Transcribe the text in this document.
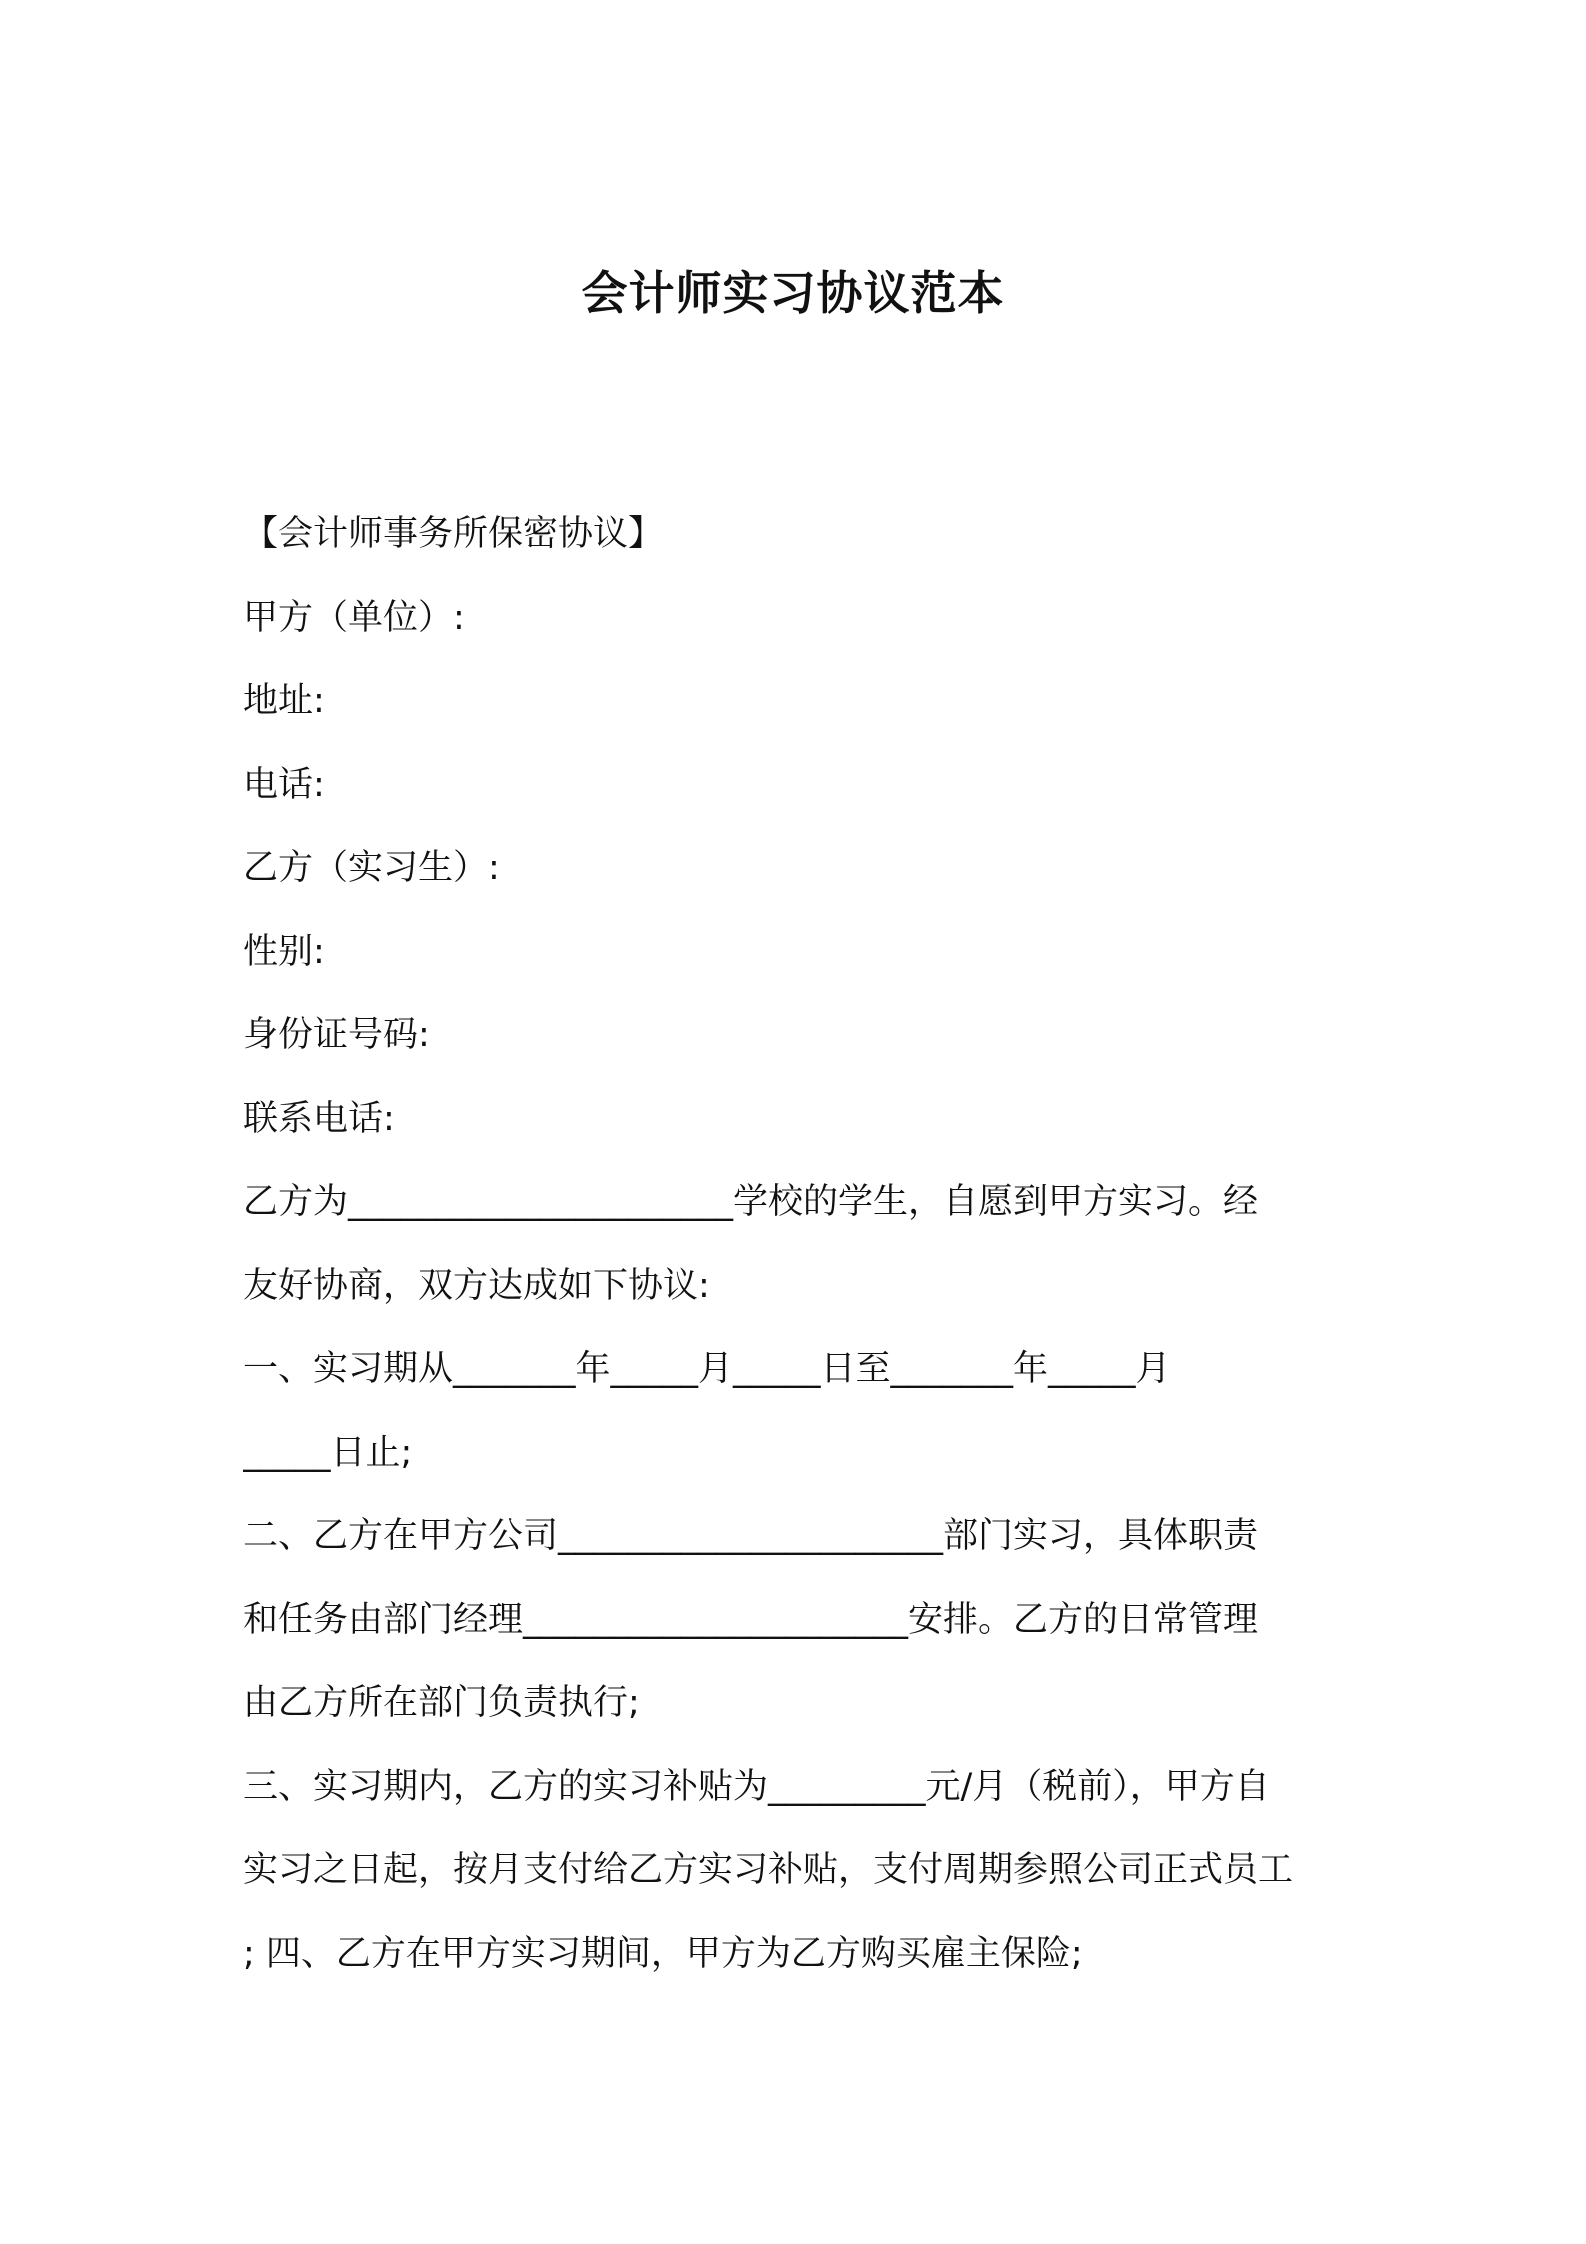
会计师实习协议范本
【会计师事务所保密协议】
甲方（单位）:
地址:
电话:
乙方（实习生）:
性别:
身份证号码:
联系电话:
乙方为______________________学校的学生，自愿到甲方实习。经
友好协商，双方达成如下协议:
一、实习期从_______年_____月_____日至_______年_____月
_____日止;
二、乙方在甲方公司______________________部门实习，具体职责
和任务由部门经理______________________安排。乙方的日常管理
由乙方所在部门负责执行;
三、实习期内，乙方的实习补贴为_________元/月（税前），甲方自
实习之日起，按月支付给乙方实习补贴，支付周期参照公司正式员工
; 四、乙方在甲方实习期间，甲方为乙方购买雇主保险;
